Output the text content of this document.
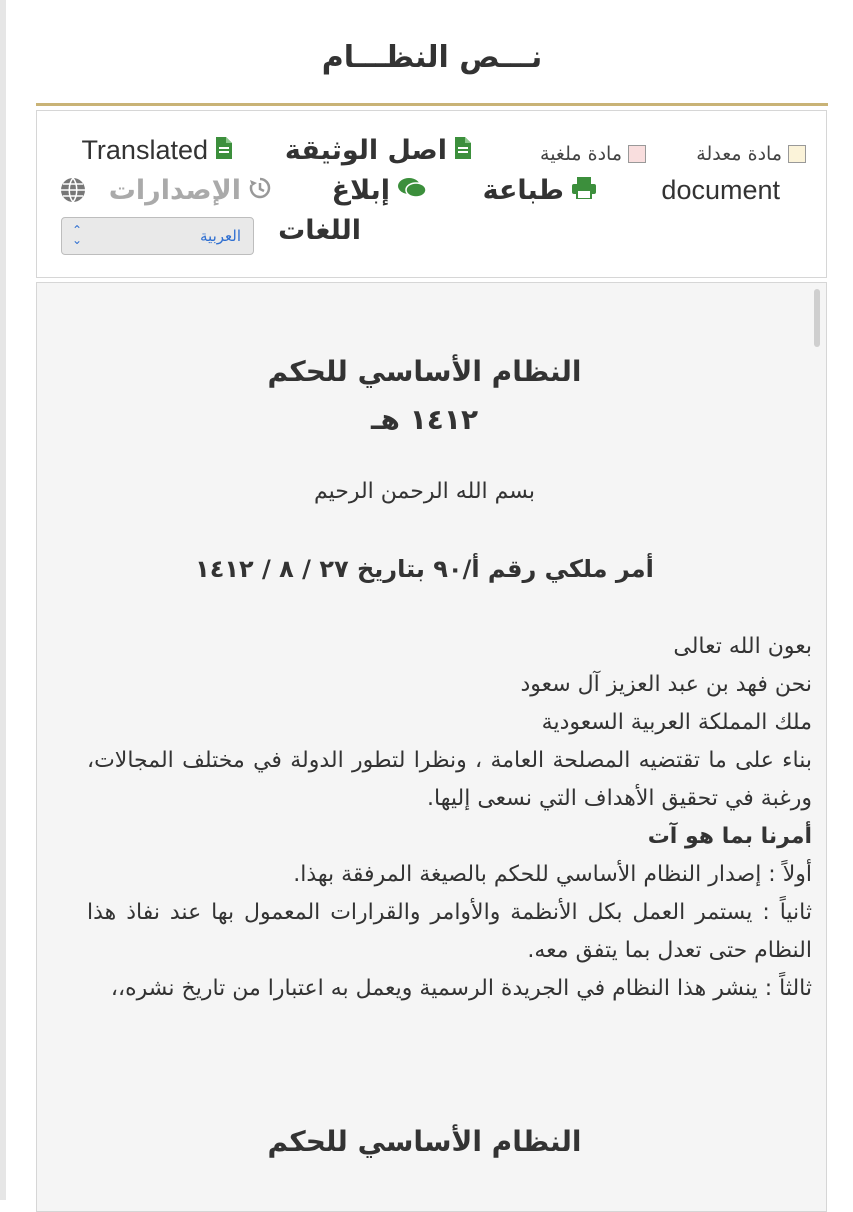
نـــص النظـــام
مادة معدلة
مادة ملغية
اصل الوثيقة
Translated
document
طباعة
إبلاغ
الإصدارات
اللغات
العربية
⌃
⌄
النظام الأساسي للحكم
١٤١٢ هـ
بسم الله الرحمن الرحيم
أمر ملكي رقم أ/٩٠ بتاريخ ٢٧ / ٨ / ١٤١٢
بعون الله تعالى
نحن فهد بن عبد العزيز آل سعود
ملك المملكة العربية السعودية
بناء على ما تقتضيه المصلحة العامة ، ونظرا لتطور الدولة في مختلف المجالات، ورغبة في تحقيق الأهداف التي نسعى إليها.
أمرنا بما هو آت
أولاً : إصدار النظام الأساسي للحكم بالصيغة المرفقة بهذا.
ثانياً : يستمر العمل بكل الأنظمة والأوامر والقرارات المعمول بها عند نفاذ هذا النظام حتى تعدل بما يتفق معه.
ثالثاً : ينشر هذا النظام في الجريدة الرسمية ويعمل به اعتبارا من تاريخ نشره،،
النظام الأساسي للحكم
